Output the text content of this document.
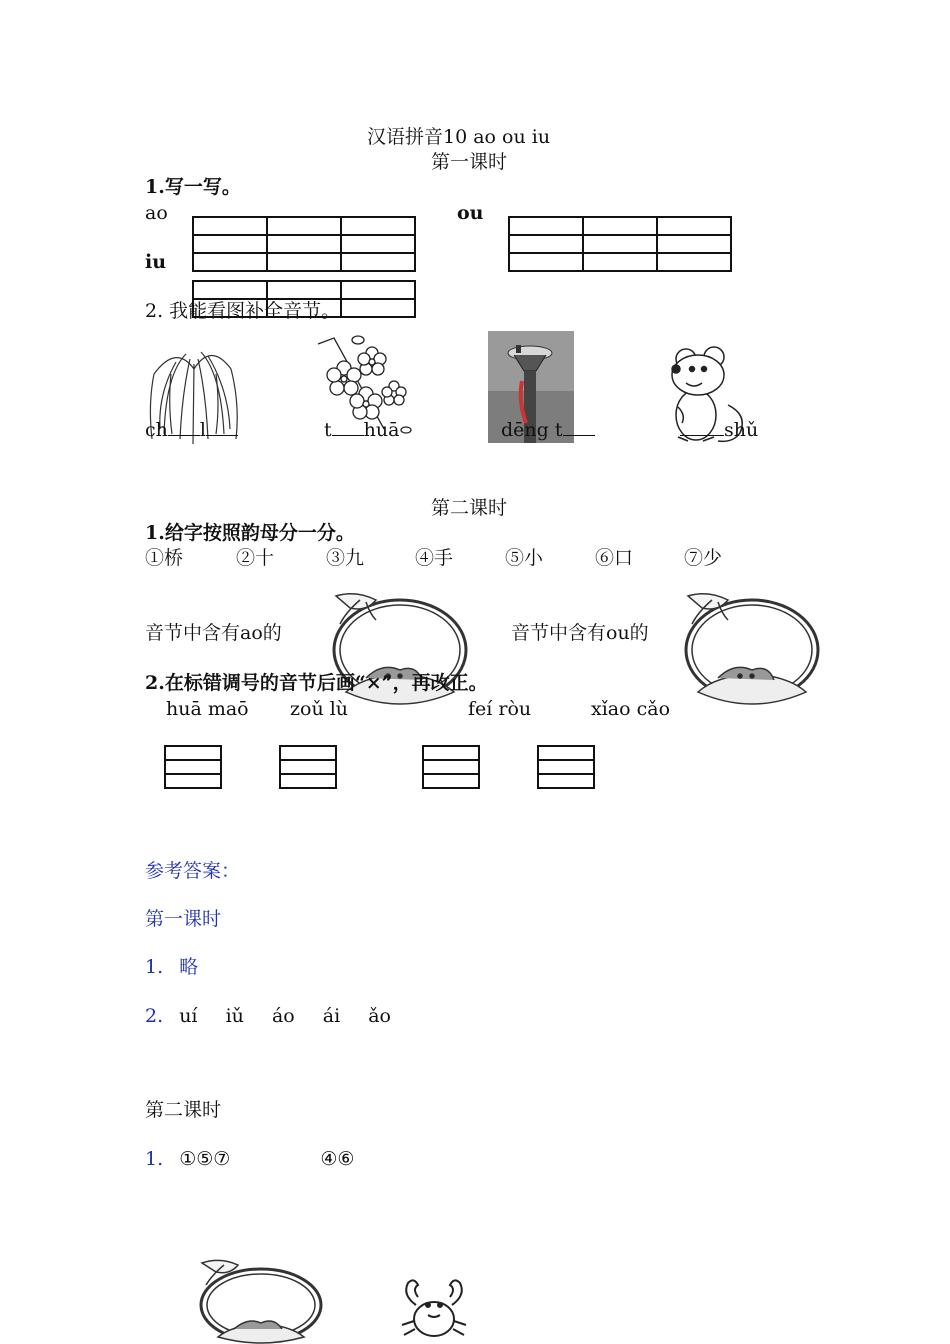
汉语拼音10 ao ou iu
第一课时
1.写一写。
ao	ou
iu

2. 我能看图补全音节。
ch l	t huā	dēng t	shǔ
第二课时
1.给字按照韵母分一分。
①桥	②十	③九	④手	⑤小	⑥口	⑦少
音节中含有ao的	音节中含有ou的
2.在标错调号的音节后画“×”，再改正。
huā maō zoǔ lù	feí ròu	xǐao cǎo
参考答案：
第一课时
1. 略
2. uí iǔ áo ái ǎo
第二课时
1. ①⑤⑦	④⑥
